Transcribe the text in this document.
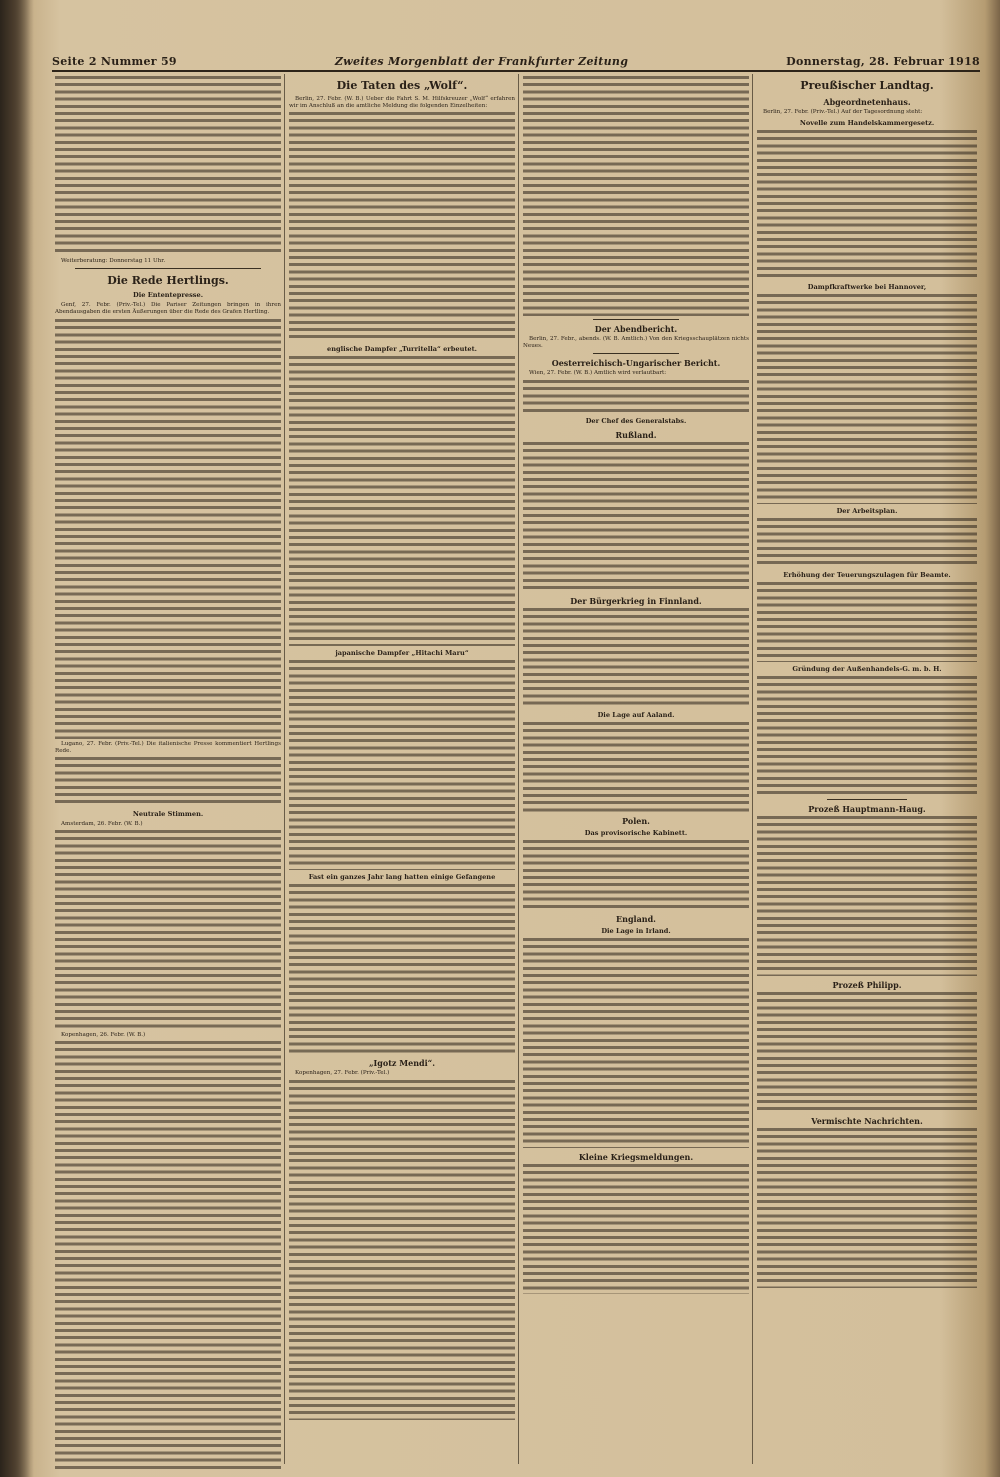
Seite 2 Nummer 59	Zweites Morgenblatt der Frankfurter Zeitung	Donnerstag, 28. Februar 1918

Weiterberatung: Donnerstag 11 Uhr.

Die Rede Hertlings.
Die Ententepresse.

Genf, 27. Febr. (Priv.-Tel.) Die Pariser Zeitungen bringen in ihren Abendausgaben die ersten Äußerungen über die Rede des Grafen Hertling.

Lugano, 27. Febr. (Priv.-Tel.) Die italienische Presse kommentiert Hertlings Rede.

Neutrale Stimmen.

Amsterdam, 26. Febr. (W. B.)

Kopenhagen, 26. Febr. (W. B.)

Die Taten des „Wolf“.

Berlin, 27. Febr. (W. B.) Ueber die Fahrt S. M. Hilfskreuzer „Wolf“ erfahren wir im Anschluß an die amtliche Meldung die folgenden Einzelheiten:

englische Dampfer „Turritella“ erbeutet.
japanische Dampfer „Hitachi Maru“
Fast ein ganzes Jahr lang hatten einige Gefangene
„Igotz Mendi“.

Kopenhagen, 27. Febr. (Priv.-Tel.)

Der Abendbericht.

Berlin, 27. Febr., abends. (W. B. Amtlich.) Von den Kriegsschauplätzen nichts Neues.

Oesterreichisch-Ungarischer Bericht.

Wien, 27. Febr. (W. B.) Amtlich wird verlautbart:

Der Chef des Generalstabs.
Rußland.
Der Bürgerkrieg in Finnland.
Die Lage auf Aaland.
Polen.
Das provisorische Kabinett.
England.
Die Lage in Irland.
Kleine Kriegsmeldungen.
Preußischer Landtag.
Abgeordnetenhaus.

Berlin, 27. Febr. (Priv.-Tel.) Auf der Tagesordnung steht:

Novelle zum Handelskammergesetz.
Dampfkraftwerke bei Hannover,
Der Arbeitsplan.
Erhöhung der Teuerungszulagen für Beamte.
Gründung der Außenhandels-G. m. b. H.
Prozeß Hauptmann-Haug.
Prozeß Philipp.
Vermischte Nachrichten.
